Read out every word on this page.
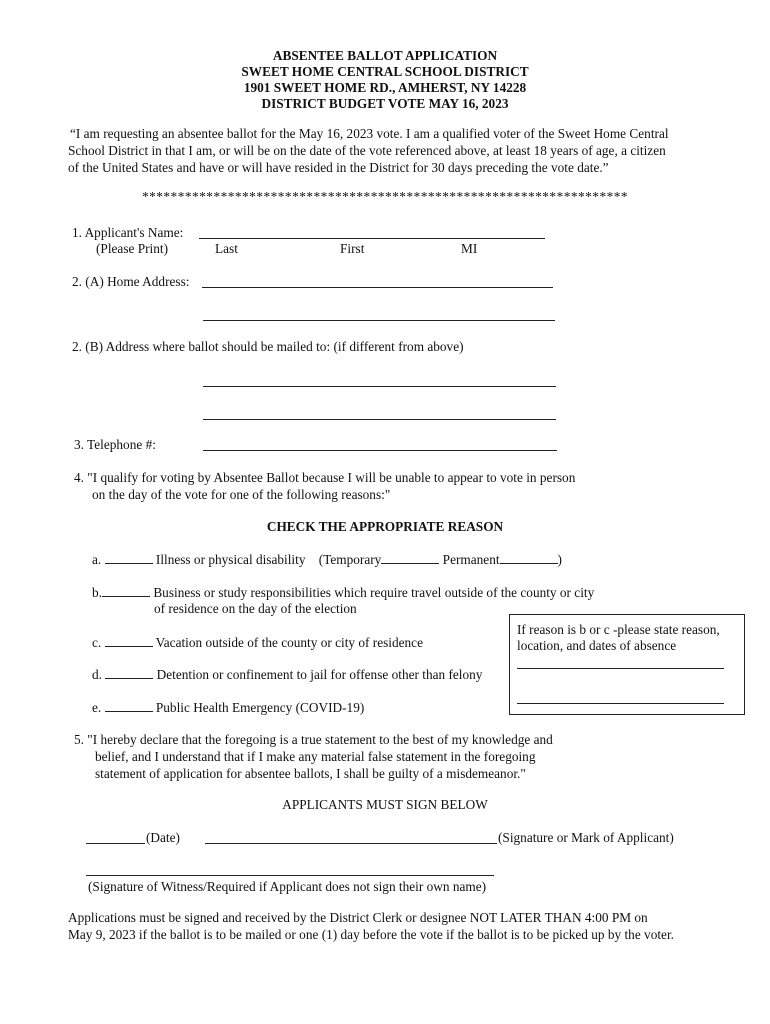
ABSENTEE BALLOT APPLICATION
SWEET HOME CENTRAL SCHOOL DISTRICT
1901 SWEET HOME RD., AMHERST, NY 14228
DISTRICT BUDGET VOTE MAY 16, 2023
“I am requesting an absentee ballot for the May 16, 2023 vote. I am a qualified voter of the Sweet Home Central
School District in that I am, or will be on the date of the vote referenced above, at least 18 years of age, a citizen
of the United States and have or will have resided in the District for 30 days preceding the vote date.”
********************************************************************
1. Applicant's Name:
(Please Print)	Last	First	MI
2. (A) Home Address:
2. (B) Address where ballot should be mailed to: (if different from above)
3. Telephone #:
4. "I qualify for voting by Absentee Ballot because I will be unable to appear to vote in person
on the day of the vote for one of the following reasons:"
CHECK THE APPROPRIATE REASON
a.	Illness or physical disability (Temporary	Permanent	)
b.	Business or study responsibilities which require travel outside of the county or city
of residence on the day of the election
c.	Vacation outside of the county or city of residence
d.	Detention or confinement to jail for offense other than felony
e.	Public Health Emergency (COVID-19)
If reason is b or c -please state reason,
location, and dates of absence
5. "I hereby declare that the foregoing is a true statement to the best of my knowledge and
belief, and I understand that if I make any material false statement in the foregoing
statement of application for absentee ballots, I shall be guilty of a misdemeanor."
APPLICANTS MUST SIGN BELOW
(Date)	(Signature or Mark of Applicant)
(Signature of Witness/Required if Applicant does not sign their own name)
Applications must be signed and received by the District Clerk or designee NOT LATER THAN 4:00 PM on
May 9, 2023 if the ballot is to be mailed or one (1) day before the vote if the ballot is to be picked up by the voter.
